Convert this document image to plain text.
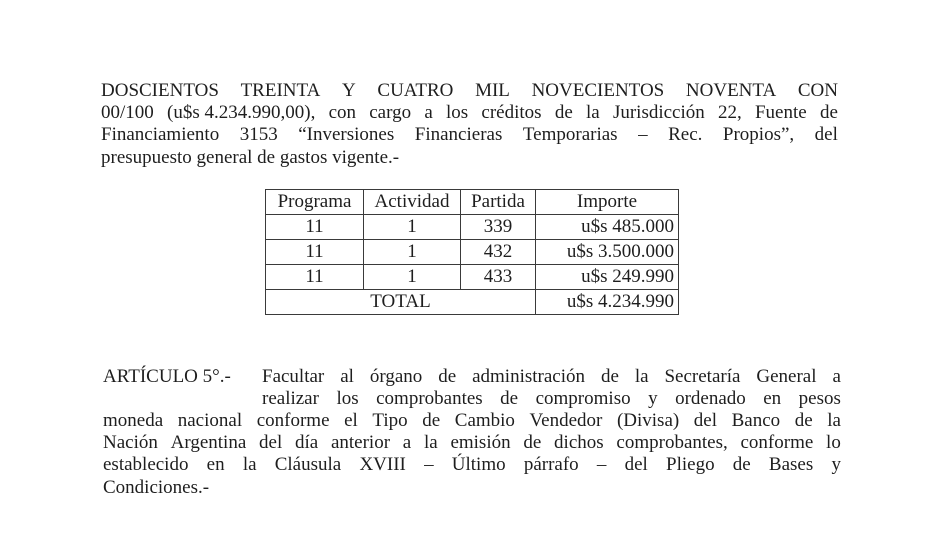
DOSCIENTOS TREINTA Y CUATRO MIL NOVECIENTOS NOVENTA CON
00/100 (u$s 4.234.990,00), con cargo a los créditos de la Jurisdicción 22, Fuente de
Financiamiento 3153 “Inversiones Financieras Temporarias – Rec. Propios”, del
presupuesto general de gastos vigente.-
Programa	Actividad	Partida	Importe
11	1	339	u$s 485.000
11	1	432	u$s 3.500.000
11	1	433	u$s 249.990
TOTAL			u$s 4.234.990
ARTÍCULO 5°.- Facultar al órgano de administración de la Secretaría General a
realizar los comprobantes de compromiso y ordenado en pesos
moneda nacional conforme el Tipo de Cambio Vendedor (Divisa) del Banco de la
Nación Argentina del día anterior a la emisión de dichos comprobantes, conforme lo
establecido en la Cláusula XVIII – Último párrafo – del Pliego de Bases y
Condiciones.-
